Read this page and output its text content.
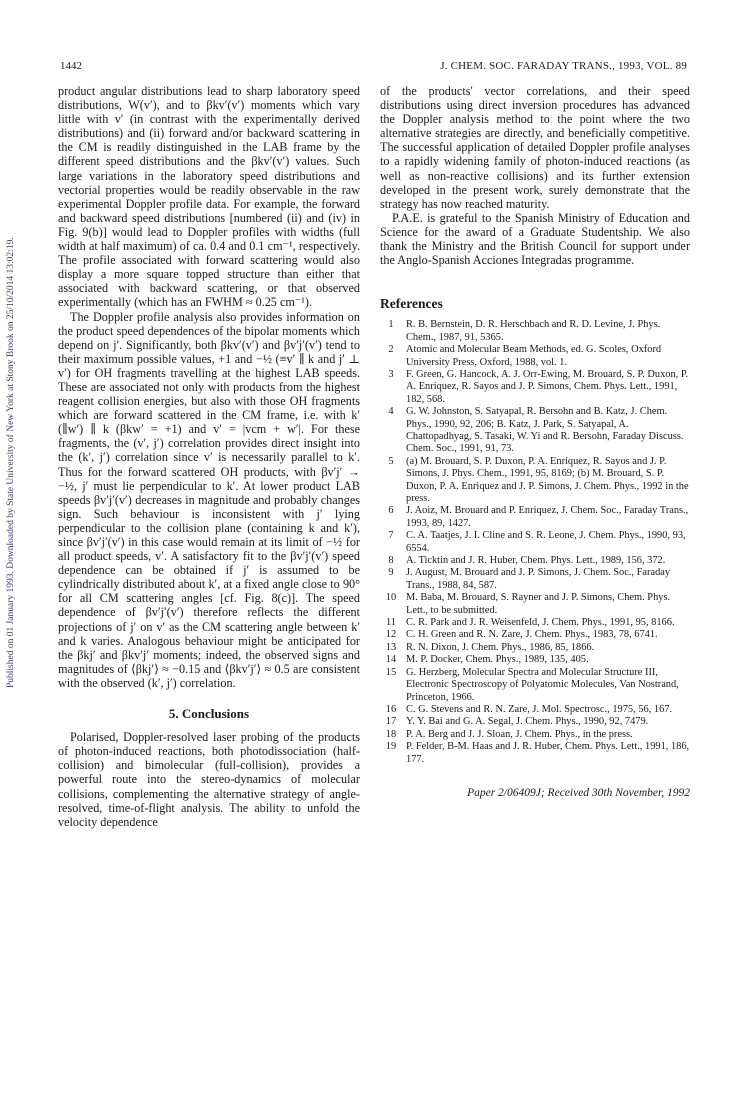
1442	J. CHEM. SOC. FARADAY TRANS., 1993, VOL. 89
Published on 01 January 1993. Downloaded by State University of New York at Stony Brook on 25/10/2014 13:02:19.

product angular distributions lead to sharp laboratory speed distributions, W(v′), and to βkv′(v′) moments which vary little with v′ (in contrast with the experimentally derived distributions) and (ii) forward and/or backward scattering in the CM is readily distinguished in the LAB frame by the different speed distributions and the βkv′(v′) values. Such large variations in the laboratory speed distributions and vectorial properties would be readily observable in the raw experimental Doppler profile data. For example, the forward and backward speed distributions [numbered (ii) and (iv) in Fig. 9(b)] would lead to Doppler profiles with widths (full width at half maximum) of ca. 0.4 and 0.1 cm⁻¹, respectively. The profile associated with forward scattering would also display a more square topped structure than either that associated with backward scattering, or that observed experimentally (which has an FWHM ≈ 0.25 cm⁻¹).

The Doppler profile analysis also provides information on the product speed dependences of the bipolar moments which depend on j′. Significantly, both βkv′(v′) and βv′j′(v′) tend to their maximum possible values, +1 and −½ (≡v′ ∥ k and j′ ⊥ v′) for OH fragments travelling at the highest LAB speeds. These are associated not only with products from the highest reagent collision energies, but also with those OH fragments which are forward scattered in the CM frame, i.e. with k′(∥w′) ∥ k (βkw′ = +1) and v′ = |vcm + w′|. For these fragments, the (v′, j′) correlation provides direct insight into the (k′, j′) correlation since v′ is necessarily parallel to k′. Thus for the forward scattered OH products, with βv′j′ → −½, j′ must lie perpendicular to k′. At lower product LAB speeds βv′j′(v′) decreases in magnitude and probably changes sign. Such behaviour is inconsistent with j′ lying perpendicular to the collision plane (containing k and k′), since βv′j′(v′) in this case would remain at its limit of −½ for all product speeds, v′. A satisfactory fit to the βv′j′(v′) speed dependence can be obtained if j′ is assumed to be cylindrically distributed about k′, at a fixed angle close to 90° for all CM scattering angles [cf. Fig. 8(c)]. The speed dependence of βv′j′(v′) therefore reflects the different projections of j′ on v′ as the CM scattering angle between k′ and k varies. Analogous behaviour might be anticipated for the βkj′ and βkv′j′ moments; indeed, the observed signs and magnitudes of ⟨βkj′⟩ ≈ −0.15 and ⟨βkv′j′⟩ ≈ 0.5 are consistent with the observed (k′, j′) correlation.

5. Conclusions

Polarised, Doppler-resolved laser probing of the products of photon-induced reactions, both photodissociation (half-collision) and bimolecular (full-collision), provides a powerful route into the stereo-dynamics of molecular collisions, complementing the alternative strategy of angle-resolved, time-of-flight analysis. The ability to unfold the velocity dependence

of the products' vector correlations, and their speed distributions using direct inversion procedures has advanced the Doppler analysis method to the point where the two alternative strategies are directly, and beneficially competitive. The successful application of detailed Doppler profile analyses to a rapidly widening family of photon-induced reactions (as well as non-reactive collisions) and its further extension developed in the present work, surely demonstrate that the strategy has now reached maturity.

P.A.E. is grateful to the Spanish Ministry of Education and Science for the award of a Graduate Studentship. We also thank the Ministry and the British Council for support under the Anglo-Spanish Acciones Integradas programme.

References
1	R. B. Bernstein, D. R. Herschbach and R. D. Levine, J. Phys. Chem., 1987, 91, 5365.
2	Atomic and Molecular Beam Methods, ed. G. Scoles, Oxford University Press, Oxford, 1988, vol. 1.
3	F. Green, G. Hancock, A. J. Orr-Ewing, M. Brouard, S. P. Duxon, P. A. Enriquez, R. Sayos and J. P. Simons, Chem. Phys. Lett., 1991, 182, 568.
4	G. W. Johnston, S. Satyapal, R. Bersohn and B. Katz, J. Chem. Phys., 1990, 92, 206; B. Katz, J. Park, S. Satyapal, A. Chattopadhyag, S. Tasaki, W. Yi and R. Bersohn, Faraday Discuss. Chem. Soc., 1991, 91, 73.
5	(a) M. Brouard, S. P. Duxon, P. A. Enriquez, R. Sayos and J. P. Simons, J. Phys. Chem., 1991, 95, 8169; (b) M. Brouard, S. P. Duxon, P. A. Enriquez and J. P. Simons, J. Chem. Phys., 1992 in the press.
6	J. Aoiz, M. Brouard and P. Enriquez, J. Chem. Soc., Faraday Trans., 1993, 89, 1427.
7	C. A. Taatjes, J. I. Cline and S. R. Leone, J. Chem. Phys., 1990, 93, 6554.
8	A. Ticktin and J. R. Huber, Chem. Phys. Lett., 1989, 156, 372.
9	J. August, M. Brouard and J. P. Simons, J. Chem. Soc., Faraday Trans., 1988, 84, 587.
10 M. Baba, M. Brouard, S. Rayner and J. P. Simons, Chem. Phys. Lett., to be submitted.
11 C. R. Park and J. R. Weisenfeld, J. Chem. Phys., 1991, 95, 8166.
12 C. H. Green and R. N. Zare, J. Chem. Phys., 1983, 78, 6741.
13 R. N. Dixon, J. Chem. Phys., 1986, 85, 1866.
14 M. P. Docker, Chem. Phys., 1989, 135, 405.
15 G. Herzberg, Molecular Spectra and Molecular Structure III, Electronic Spectroscopy of Polyatomic Molecules, Van Nostrand, Princeton, 1966.
16 C. G. Stevens and R. N. Zare, J. Mol. Spectrosc., 1975, 56, 167.
17 Y. Y. Bai and G. A. Segal, J. Chem. Phys., 1990, 92, 7479.
18 P. A. Berg and J. J. Sloan, J. Chem. Phys., in the press.
19 P. Felder, B-M. Haas and J. R. Huber, Chem. Phys. Lett., 1991, 186, 177.
Paper 2/06409J; Received 30th November, 1992
